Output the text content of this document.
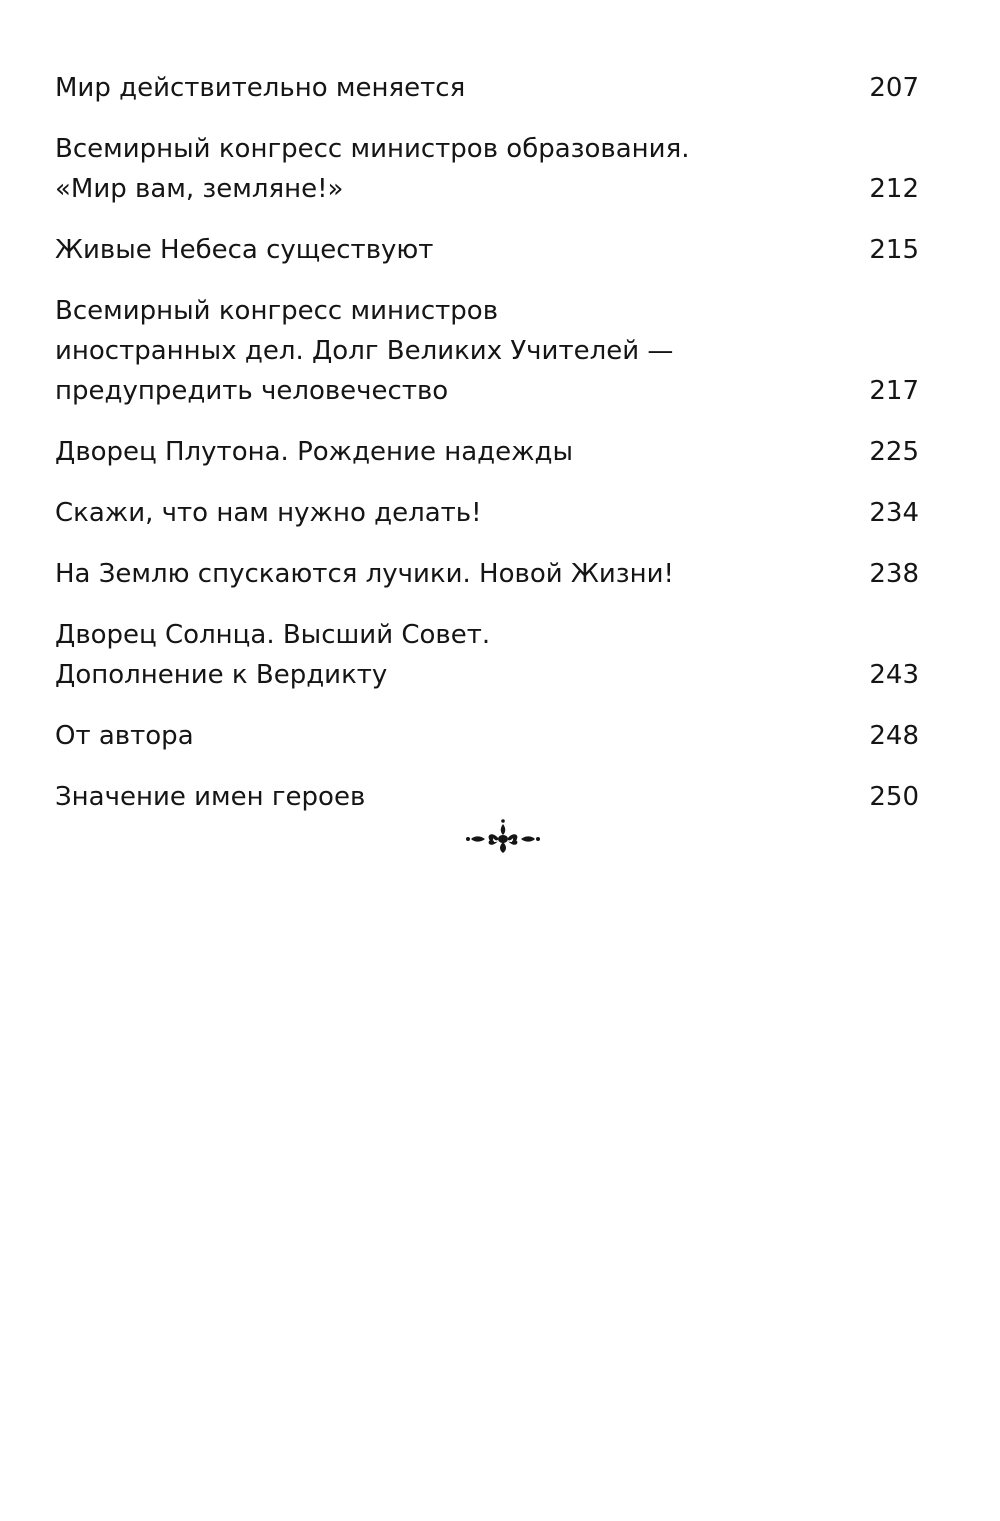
Мир действительно меняется	207
Всемирный конгресс министров образования.
«Мир вам, земляне!»	212
Живые Небеса существуют	215
Всемирный конгресс министров
иностранных дел. Долг Великих Учителей —
предупредить человечество	217
Дворец Плутона. Рождение надежды	225
Скажи, что нам нужно делать!	234
На Землю спускаются лучики. Новой Жизни!	238
Дворец Солнца. Высший Совет.
Дополнение к Вердикту	243
От автора	248
Значение имен героев	250
